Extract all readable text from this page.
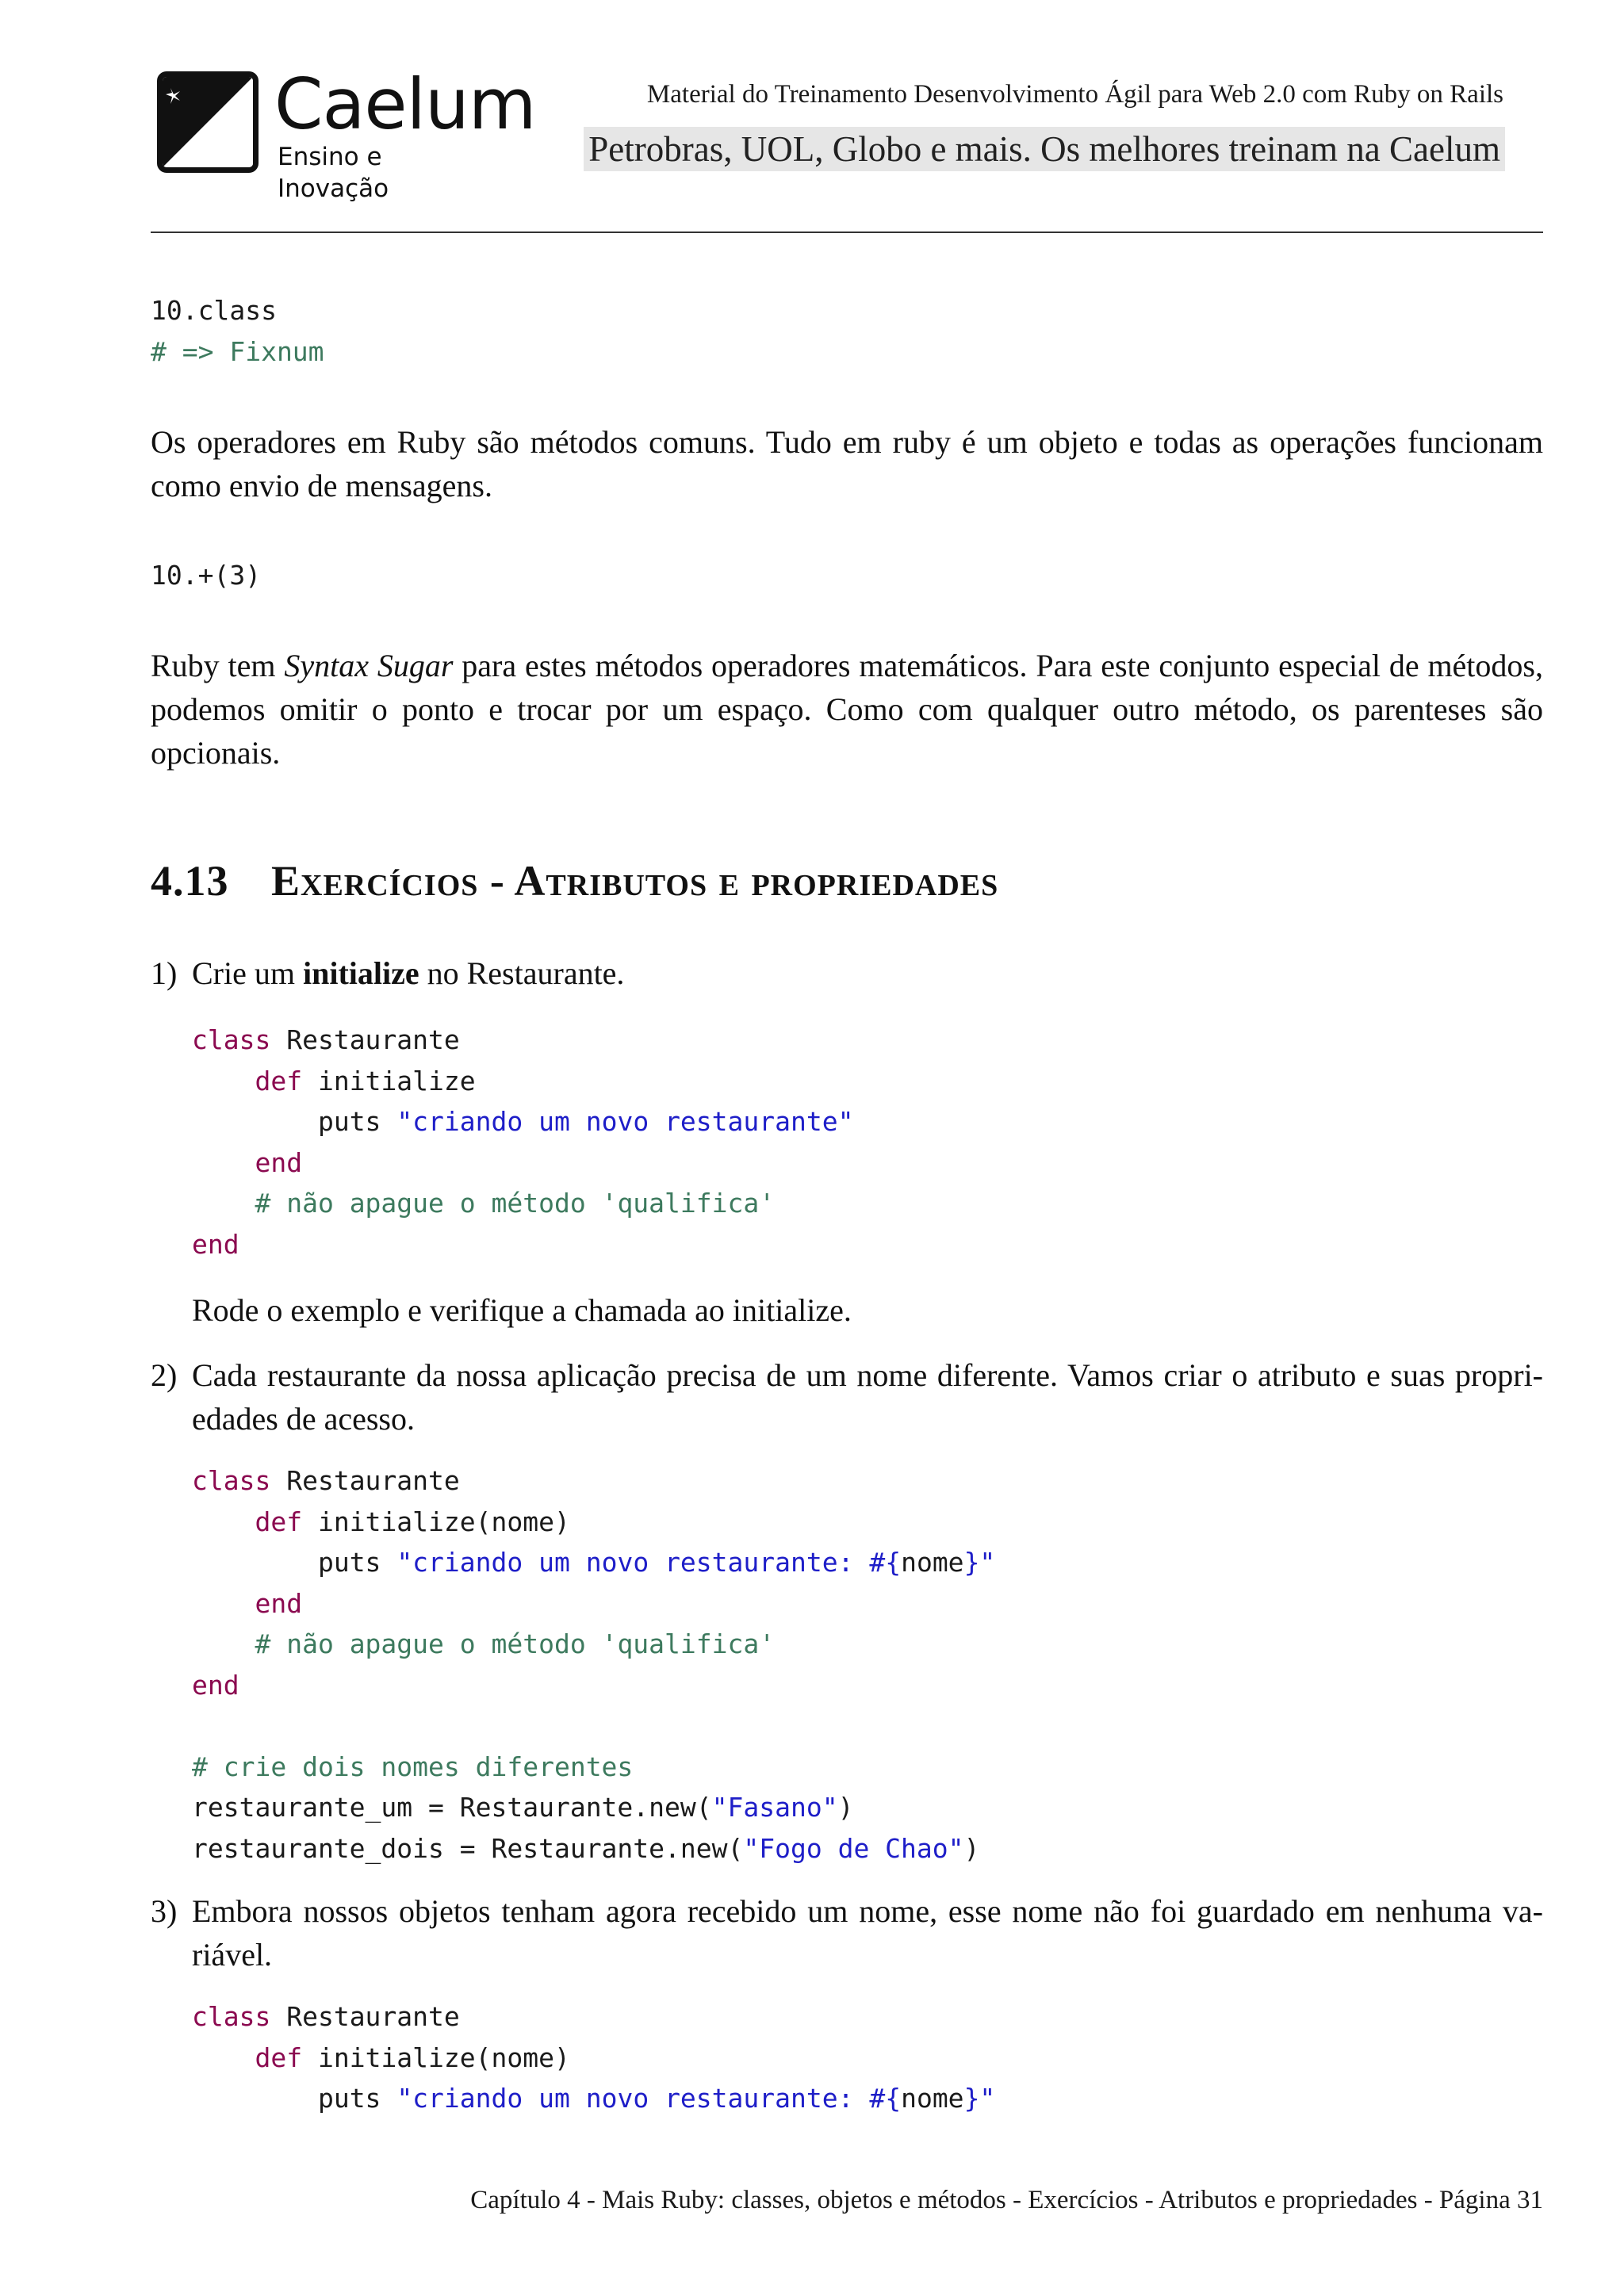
Caelum
Ensino e Inovação
Material do Treinamento Desenvolvimento Ágil para Web 2.0 com Ruby on Rails
Petrobras, UOL, Globo e mais. Os melhores treinam na Caelum
10.class
# => Fixnum
Os operadores em Ruby são métodos comuns. Tudo em ruby é um objeto e todas as operações funcionam
como envio de mensagens.
10.+(3)
Ruby tem Syntax Sugar para estes métodos operadores matemáticos. Para este conjunto especial de métodos,
podemos omitir o ponto e trocar por um espaço. Como com qualquer outro método, os parenteses são
opcionais.
4.13 Exercícios - Atributos e propriedades
1) Crie um initialize no Restaurante.
class Restaurante
def initialize
puts "criando um novo restaurante"
end
# não apague o método 'qualifica'
end
Rode o exemplo e verifique a chamada ao initialize.
2) Cada restaurante da nossa aplicação precisa de um nome diferente. Vamos criar o atributo e suas propri-
edades de acesso.
class Restaurante
def initialize(nome)
puts "criando um novo restaurante: #{nome}"
end
# não apague o método 'qualifica'
end

# crie dois nomes diferentes
restaurante_um = Restaurante.new("Fasano")
restaurante_dois = Restaurante.new("Fogo de Chao")
3) Embora nossos objetos tenham agora recebido um nome, esse nome não foi guardado em nenhuma va-
riável.
class Restaurante
def initialize(nome)
puts "criando um novo restaurante: #{nome}"
Capítulo 4 - Mais Ruby: classes, objetos e métodos - Exercícios - Atributos e propriedades - Página 31
